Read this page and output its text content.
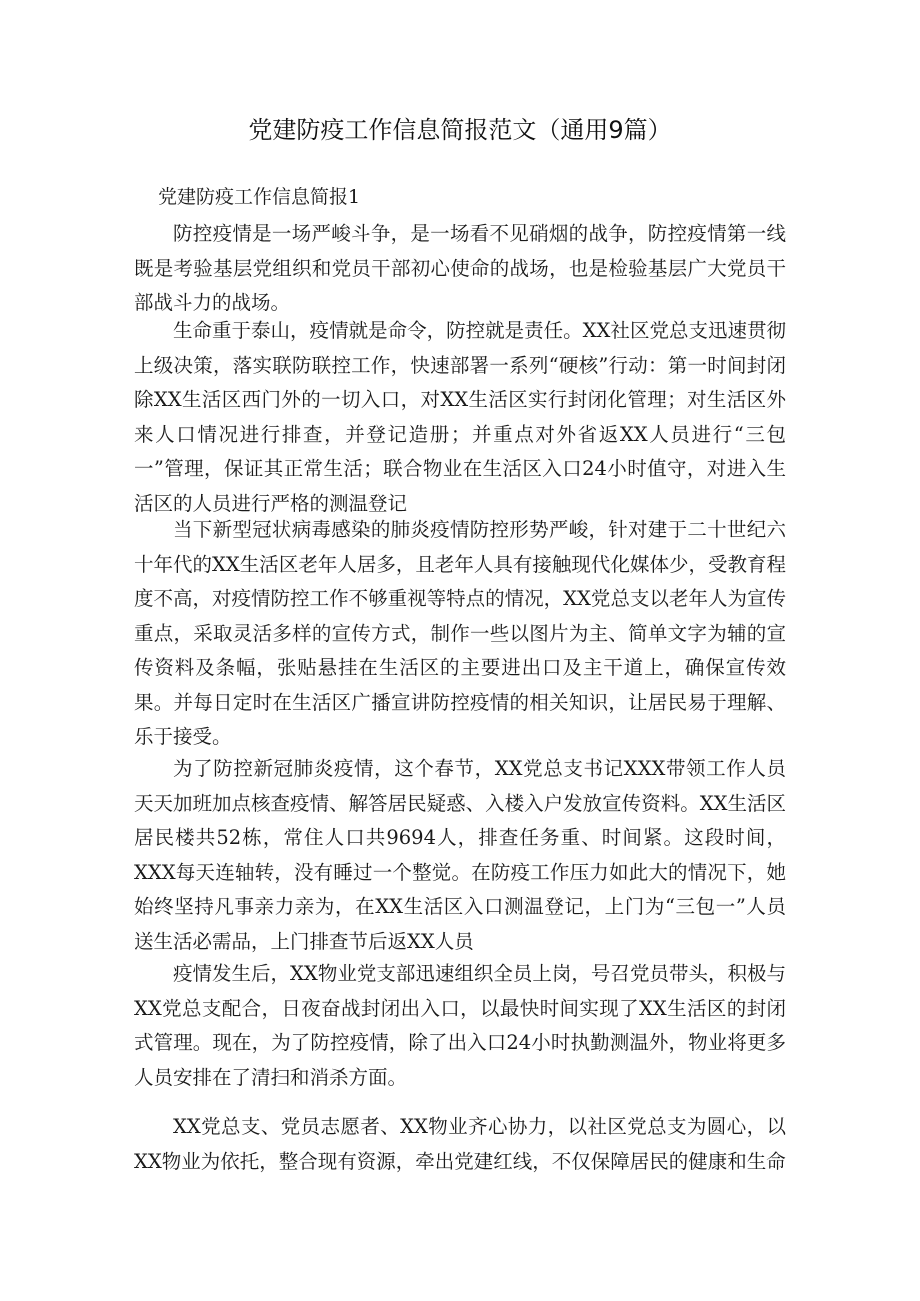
党建防疫工作信息简报范文（通用9篇）
党建防疫工作信息简报1

防控疫情是一场严峻斗争，是一场看不见硝烟的战争，防控疫情第一线既是考验基层党组织和党员干部初心使命的战场，也是检验基层广大党员干部战斗力的战场。

生命重于泰山，疫情就是命令，防控就是责任。XX社区党总支迅速贯彻上级决策，落实联防联控工作，快速部署一系列“硬核”行动：第一时间封闭除XX生活区西门外的一切入口，对XX生活区实行封闭化管理；对生活区外来人口情况进行排查，并登记造册；并重点对外省返XX人员进行“三包一”管理，保证其正常生活；联合物业在生活区入口24小时值守，对进入生活区的人员进行严格的测温登记

当下新型冠状病毒感染的肺炎疫情防控形势严峻，针对建于二十世纪六十年代的XX生活区老年人居多，且老年人具有接触现代化媒体少，受教育程度不高，对疫情防控工作不够重视等特点的情况，XX党总支以老年人为宣传重点，采取灵活多样的宣传方式，制作一些以图片为主、简单文字为辅的宣传资料及条幅，张贴悬挂在生活区的主要进出口及主干道上，确保宣传效果。并每日定时在生活区广播宣讲防控疫情的相关知识，让居民易于理解、乐于接受。

为了防控新冠肺炎疫情，这个春节，XX党总支书记XXX带领工作人员天天加班加点核查疫情、解答居民疑惑、入楼入户发放宣传资料。XX生活区居民楼共52栋，常住人口共9694人，排查任务重、时间紧。这段时间，XXX每天连轴转，没有睡过一个整觉。在防疫工作压力如此大的情况下，她始终坚持凡事亲力亲为，在XX生活区入口测温登记，上门为“三包一”人员送生活必需品，上门排查节后返XX人员

疫情发生后，XX物业党支部迅速组织全员上岗，号召党员带头，积极与XX党总支配合，日夜奋战封闭出入口，以最快时间实现了XX生活区的封闭式管理。现在，为了防控疫情，除了出入口24小时执勤测温外，物业将更多人员安排在了清扫和消杀方面。

XX党总支、党员志愿者、XX物业齐心协力，以社区党总支为圆心，以XX物业为依托，整合现有资源，牵出党建红线，不仅保障居民的健康和生命
